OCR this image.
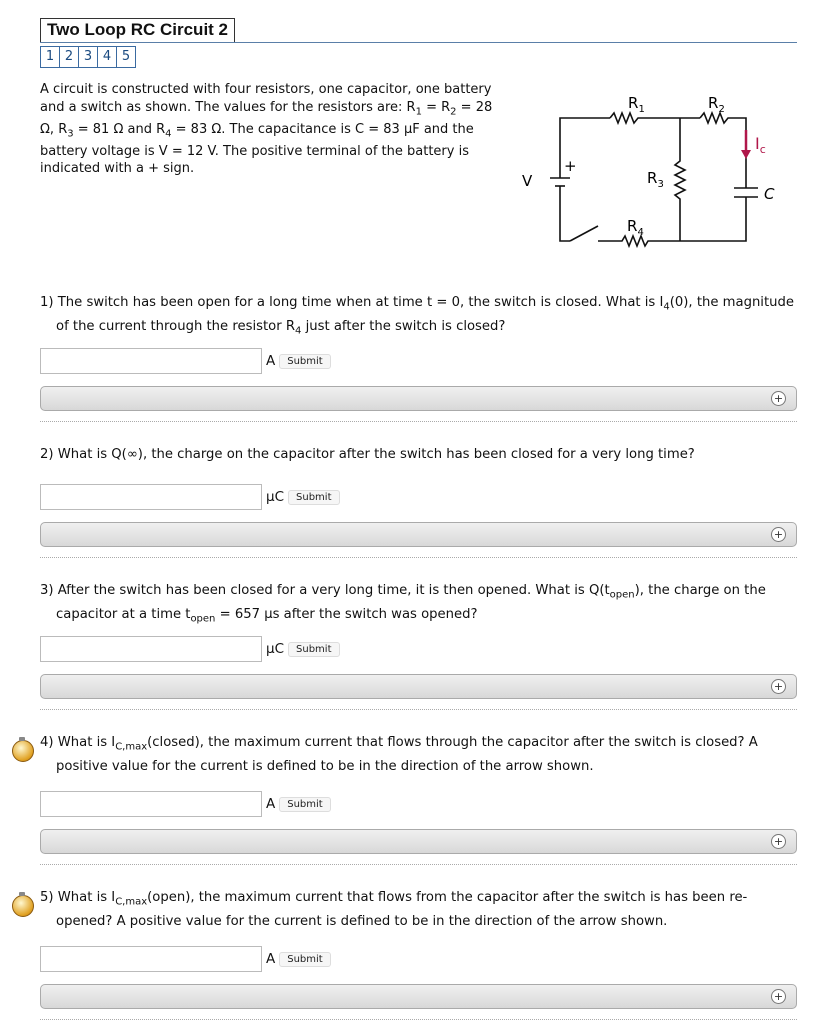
Two Loop RC Circuit 2
1 2 3 4 5
A circuit is constructed with four resistors, one capacitor, one battery and a switch as shown. The values for the resistors are: $R_1 = R_2 = 28$ Ω, $R_3 = 81$ Ω and $R_4 = 83$ Ω. The capacitance is C = 83 μF and the battery voltage is V = 12 V. The positive terminal of the battery is indicated with a + sign.
$I_c$
$R_1$	$R_2$
$R_3$
$R_4$
V
+
C
1) The switch has been open for a long time when at time t = 0, the switch is closed. What is $I_4(0)$, the magnitude of the current through the resistor $R_4$ just after the switch is closed?
A	Submit
+
2) What is Q(∞), the charge on the capacitor after the switch has been closed for a very long time?
μC	Submit
+
3) After the switch has been closed for a very long time, it is then opened. What is $Q(t_{open})$, the charge on the capacitor at a time $t_{open} = 657$ μs after the switch was opened?
μC	Submit
+
4) What is $I_{C,max}(closed)$, the maximum current that flows through the capacitor after the switch is closed? A positive value for the current is defined to be in the direction of the arrow shown.
A	Submit
+
5) What is $I_{C,max}(open)$, the maximum current that flows from the capacitor after the switch is has been re-opened? A positive value for the current is defined to be in the direction of the arrow shown.
A	Submit
+
